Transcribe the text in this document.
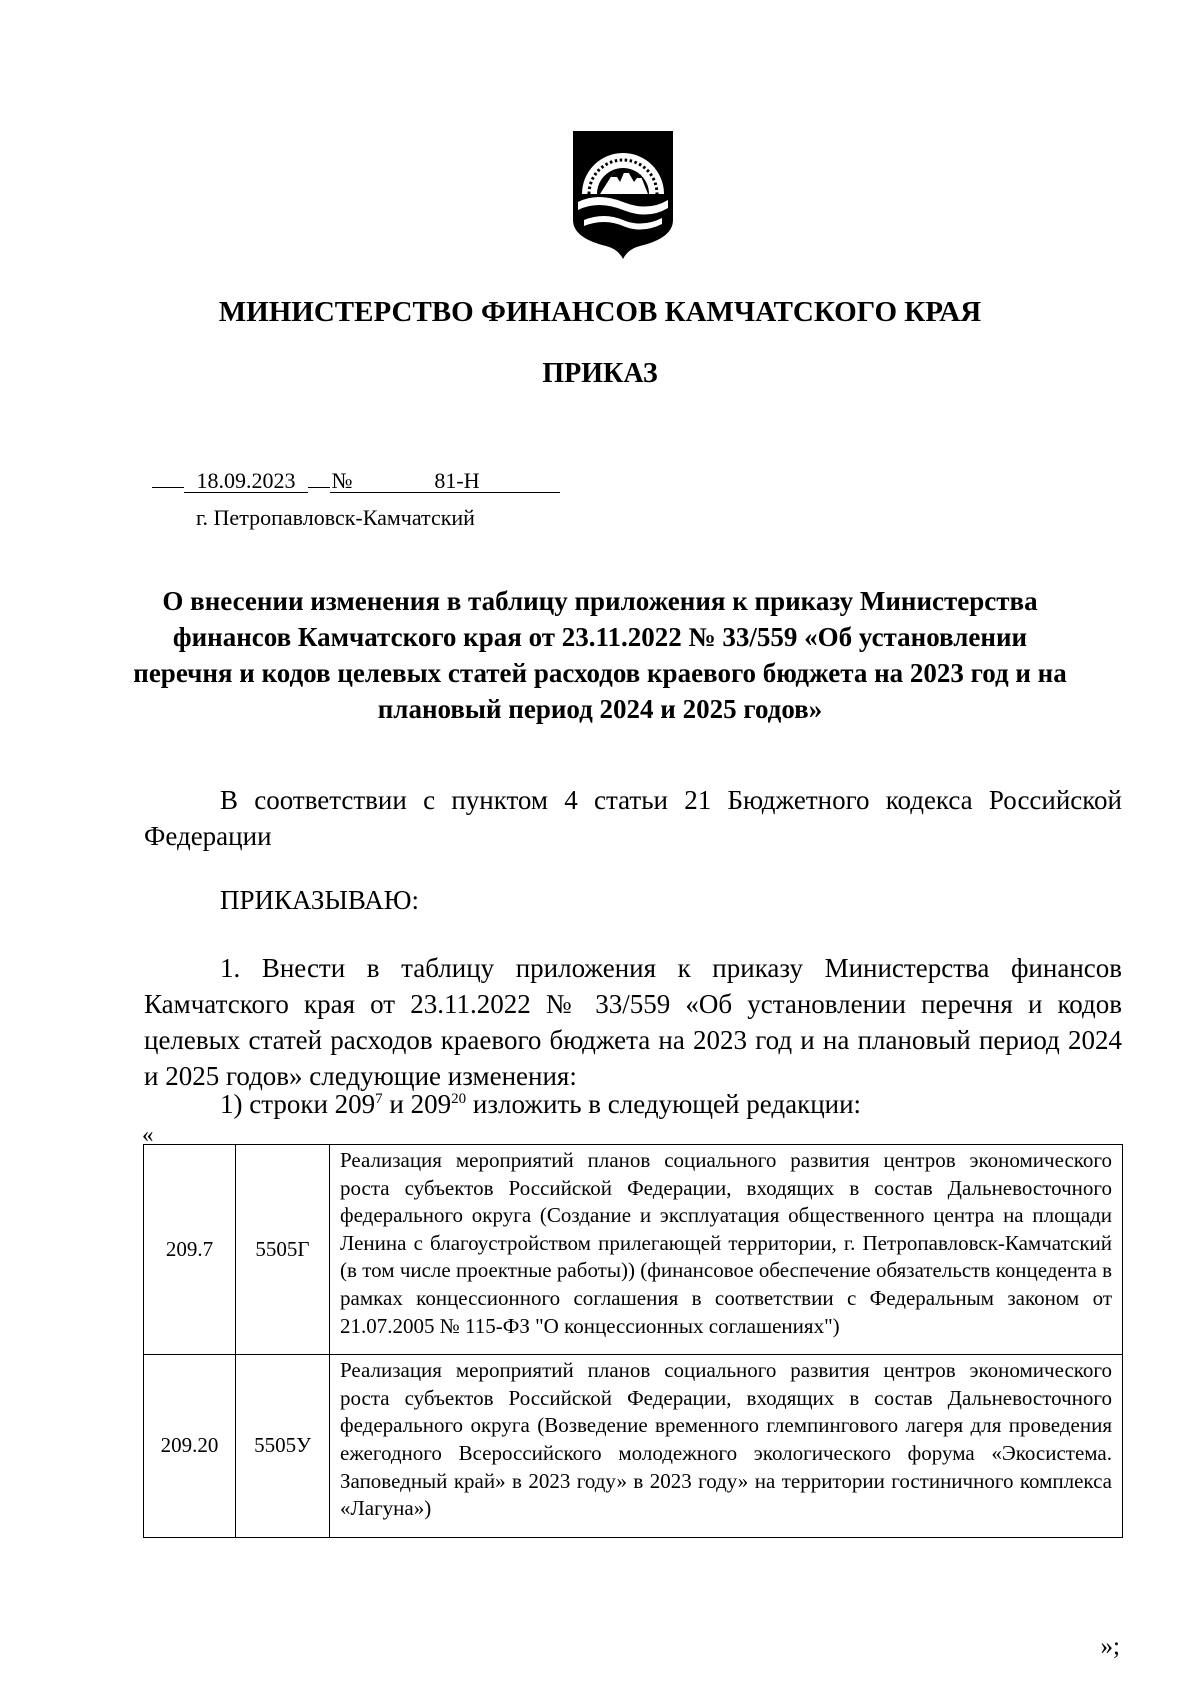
МИНИСТЕРСТВО ФИНАНСОВ КАМЧАТСКОГО КРАЯ
ПРИКАЗ
18.09.2023 №	81-Н
г. Петропавловск-Камчатский
О внесении изменения в таблицу приложения к приказу Министерства финансов Камчатского края от 23.11.2022 № 33/559 «Об установлении перечня и кодов целевых статей расходов краевого бюджета на 2023 год и на плановый период 2024 и 2025 годов»
В соответствии с пунктом 4 статьи 21 Бюджетного кодекса Российской Федерации
ПРИКАЗЫВАЮ:
1. Внести в таблицу приложения к приказу Министерства финансов Камчатского края от 23.11.2022 № 33/559 «Об установлении перечня и кодов целевых статей расходов краевого бюджета на 2023 год и на плановый период 2024 и 2025 годов» следующие изменения:
1) строки $209^7$ и $209^{20}$ изложить в следующей редакции:
«
209.7	5505Г	Реализация мероприятий планов социального развития центров экономического роста субъектов Российской Федерации, входящих в состав Дальневосточного федерального округа (Создание и эксплуатация общественного центра на площади Ленина с благоустройством прилегающей территории, г. Петропавловск-Камчатский (в том числе проектные работы)) (финансовое обеспечение обязательств концедента в рамках концессионного соглашения в соответствии с Федеральным законом от 21.07.2005 № 115-ФЗ "О концессионных соглашениях")
209.20	5505У	Реализация мероприятий планов социального развития центров экономического роста субъектов Российской Федерации, входящих в состав Дальневосточного федерального округа (Возведение временного глемпингового лагеря для проведения ежегодного Всероссийского молодежного экологического форума «Экосистема. Заповедный край» в 2023 году» в 2023 году» на территории гостиничного комплекса «Лагуна»)
»;
